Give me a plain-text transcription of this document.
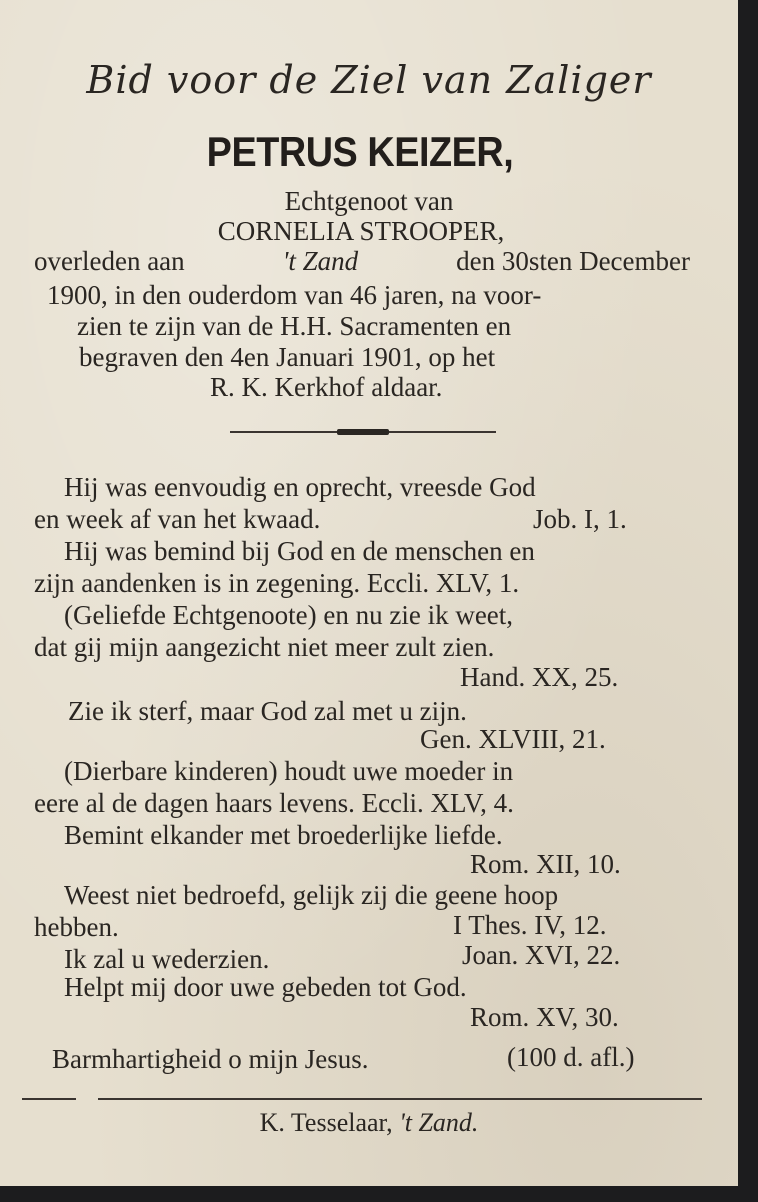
Bid voor de Ziel van Zaliger
PETRUS KEIZER,
Echtgenoot van
CORNELIA STROOPER,
overleden aan	't Zand	den 30sten December
1900, in den ouderdom van 46 jaren, na voor-
zien te zijn van de H.H. Sacramenten en
begraven den 4en Januari 1901, op het
R. K. Kerkhof aldaar.
Hij was eenvoudig en oprecht, vreesde God
en week af van het kwaad.	Job. I, 1.
Hij was bemind bij God en de menschen en
zijn aandenken is in zegening. Eccli. XLV, 1.
(Geliefde Echtgenoote) en nu zie ik weet,
dat gij mijn aangezicht niet meer zult zien.
Hand. XX, 25.
Zie ik sterf, maar God zal met u zijn.
Gen. XLVIII, 21.
(Dierbare kinderen) houdt uwe moeder in
eere al de dagen haars levens. Eccli. XLV, 4.
Bemint elkander met broederlijke liefde.
Rom. XII, 10.
Weest niet bedroefd, gelijk zij die geene hoop
hebben.	I Thes. IV, 12.
Ik zal u wederzien.	Joan. XVI, 22.
Helpt mij door uwe gebeden tot God.
Rom. XV, 30.
Barmhartigheid o mijn Jesus.	(100 d. afl.)
K. Tesselaar, 't Zand.
